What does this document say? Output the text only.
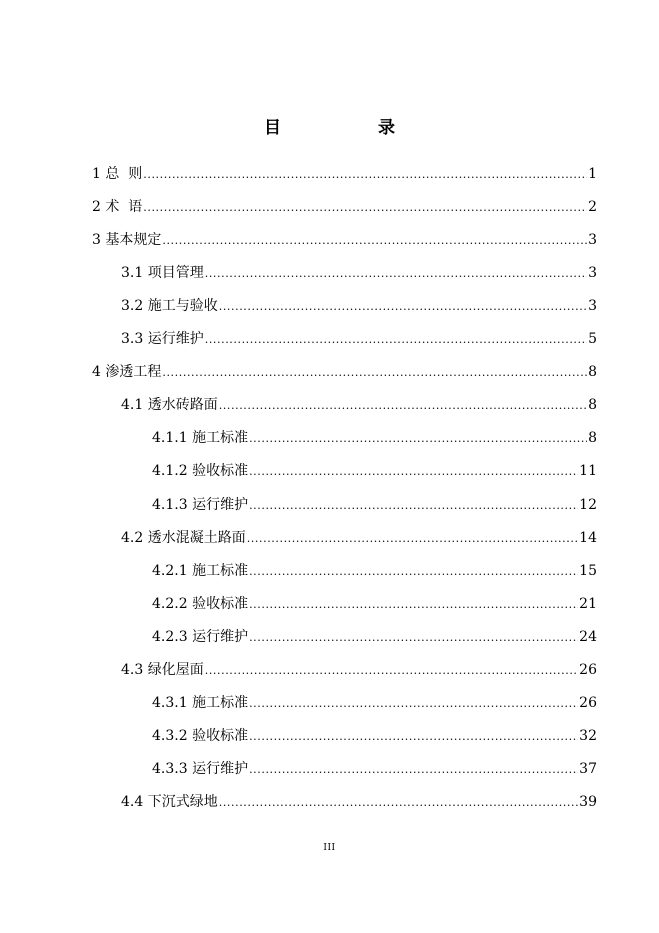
目　录
1 总  则 .....	1
2 术  语 .....	2
3 基本规定 .....	3
3.1 项目管理 .....	3
3.2 施工与验收 .....	3
3.3 运行维护 .....	5
4 渗透工程 .....	8
4.1 透水砖路面 .....	8
4.1.1 施工标准 .....	8
4.1.2 验收标准 .....	11
4.1.3 运行维护 .....	12
4.2 透水混凝土路面 .....	14
4.2.1 施工标准 .....	15
4.2.2 验收标准 .....	21
4.2.3 运行维护 .....	24
4.3 绿化屋面 .....	26
4.3.1 施工标准 .....	26
4.3.2 验收标准 .....	32
4.3.3 运行维护 .....	37
4.4 下沉式绿地 .....	39
III
